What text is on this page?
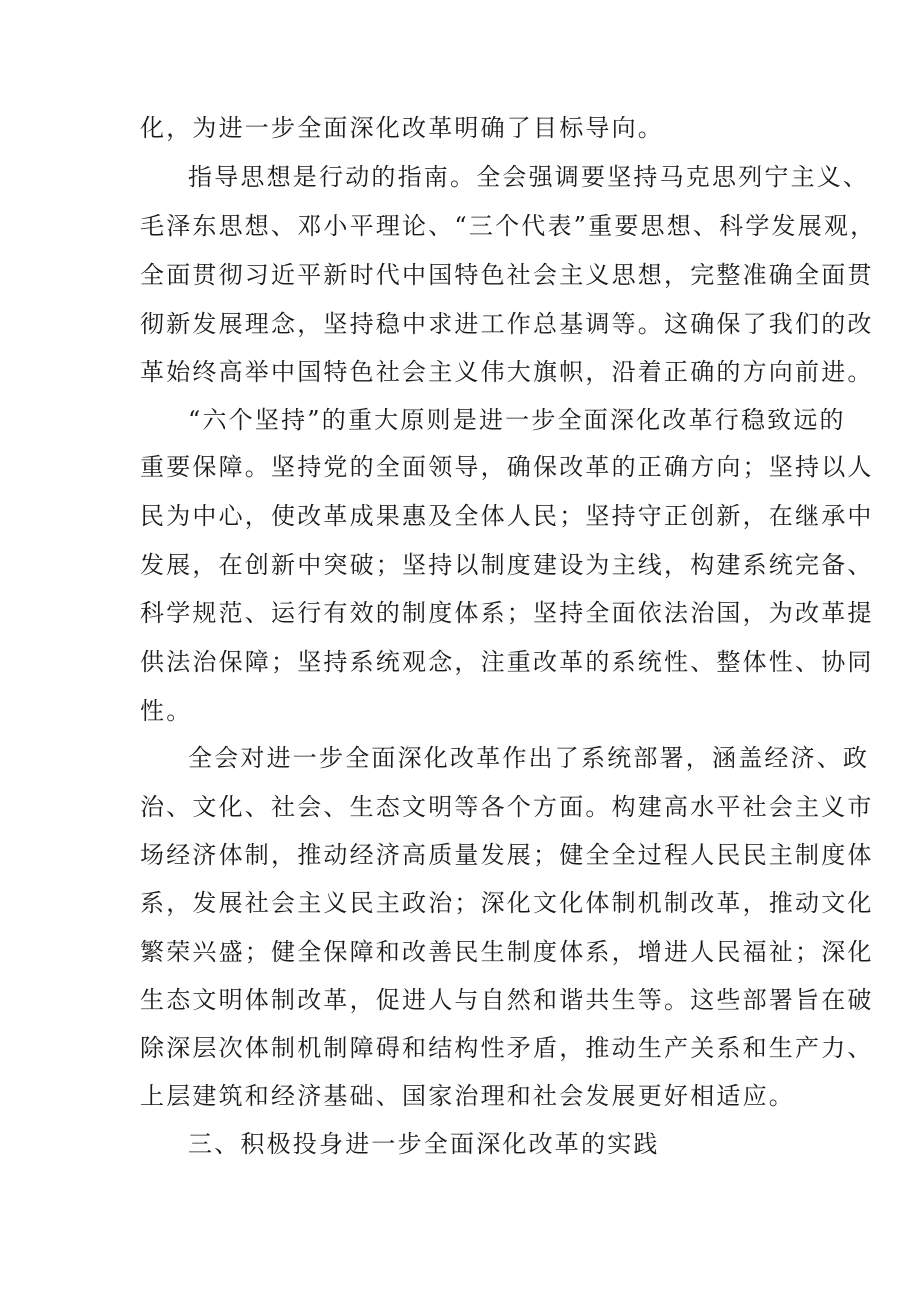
化，为进一步全面深化改革明确了目标导向。

指导思想是行动的指南。全会强调要坚持马克思列宁主义、

毛泽东思想、邓小平理论、“三个代表”重要思想、科学发展观，

全面贯彻习近平新时代中国特色社会主义思想，完整准确全面贯

彻新发展理念，坚持稳中求进工作总基调等。这确保了我们的改

革始终高举中国特色社会主义伟大旗帜，沿着正确的方向前进。

“六个坚持”的重大原则是进一步全面深化改革行稳致远的

重要保障。坚持党的全面领导，确保改革的正确方向；坚持以人

民为中心，使改革成果惠及全体人民；坚持守正创新，在继承中

发展，在创新中突破；坚持以制度建设为主线，构建系统完备、

科学规范、运行有效的制度体系；坚持全面依法治国，为改革提

供法治保障；坚持系统观念，注重改革的系统性、整体性、协同

性。

全会对进一步全面深化改革作出了系统部署，涵盖经济、政

治、文化、社会、生态文明等各个方面。构建高水平社会主义市

场经济体制，推动经济高质量发展；健全全过程人民民主制度体

系，发展社会主义民主政治；深化文化体制机制改革，推动文化

繁荣兴盛；健全保障和改善民生制度体系，增进人民福祉；深化

生态文明体制改革，促进人与自然和谐共生等。这些部署旨在破

除深层次体制机制障碍和结构性矛盾，推动生产关系和生产力、

上层建筑和经济基础、国家治理和社会发展更好相适应。

三、积极投身进一步全面深化改革的实践
